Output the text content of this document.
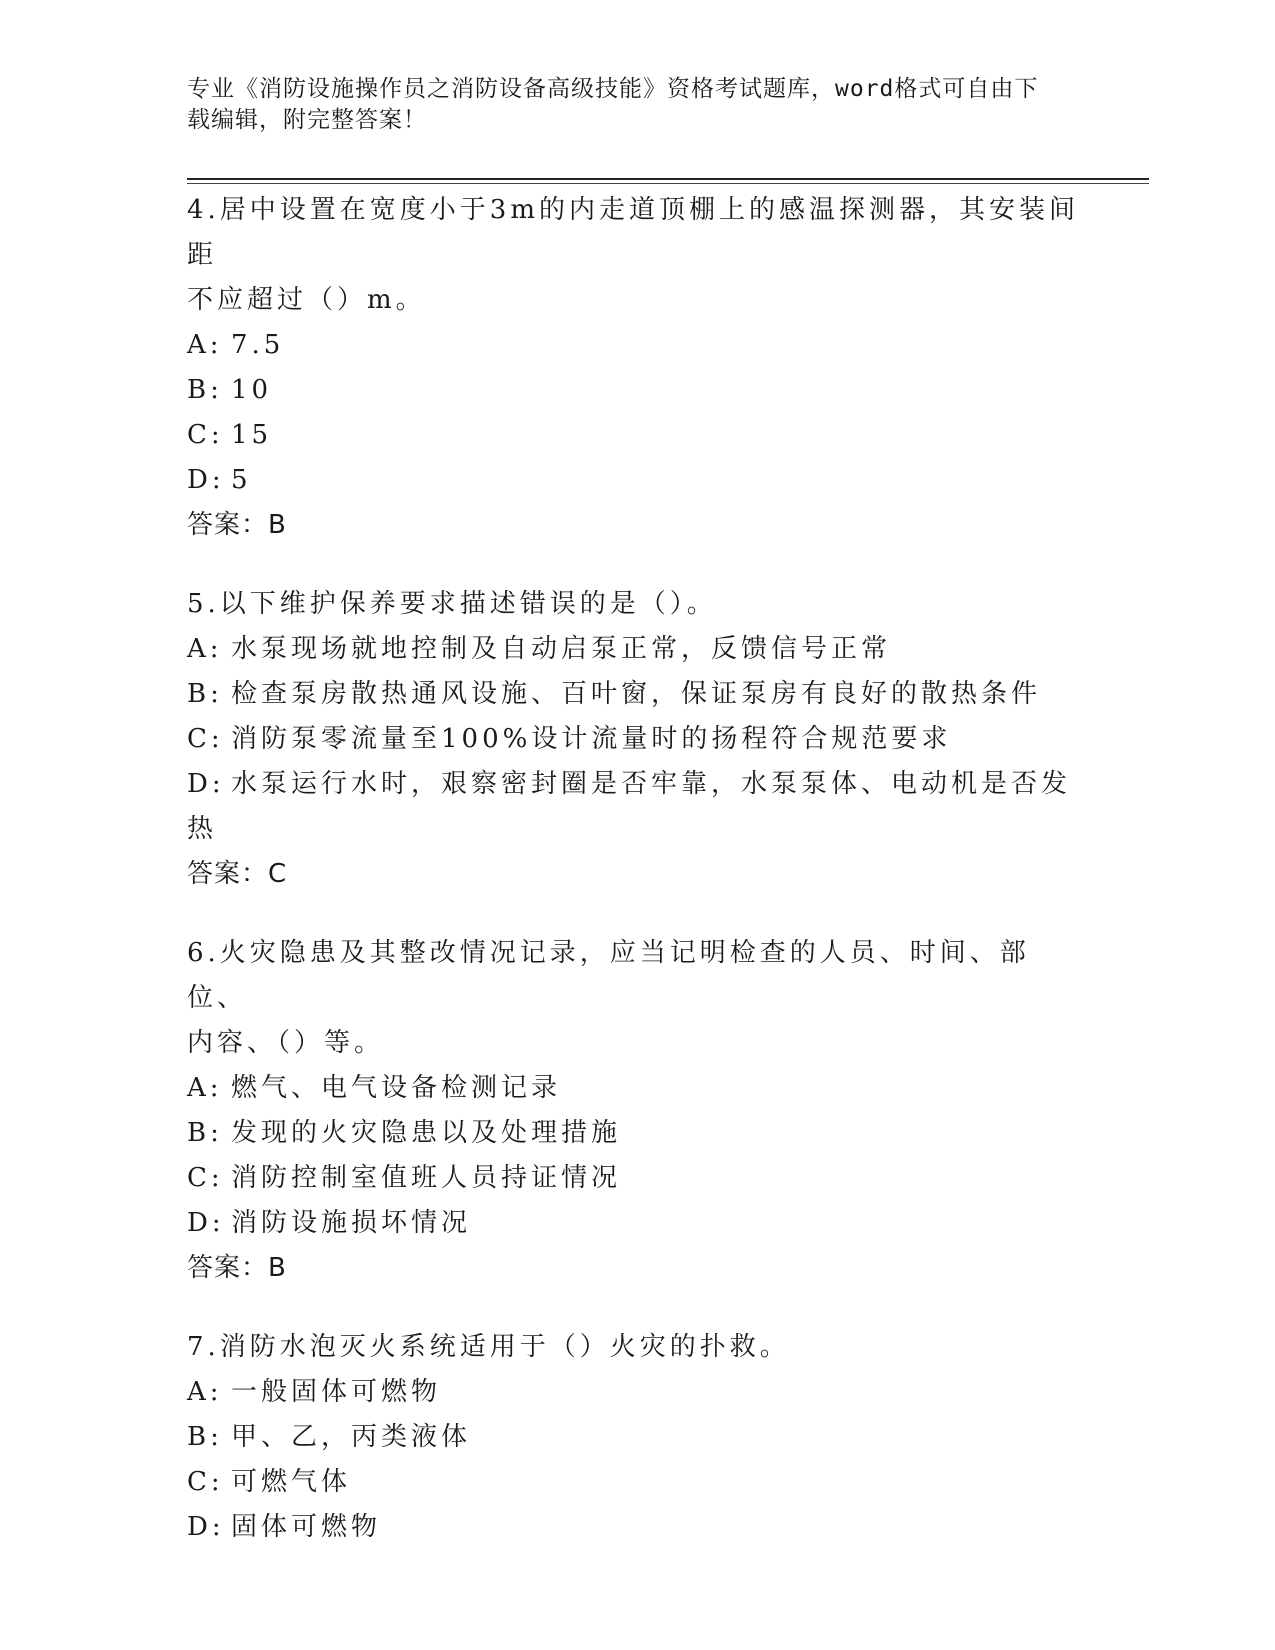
专业《消防设施操作员之消防设备高级技能》资格考试题库，word格式可自由下
载编辑，附完整答案！

4.居中设置在宽度小于3m的内走道顶棚上的感温探测器，其安装间距

不应超过（）m。

A: 7.5

B: 10

C: 15

D: 5

答案：B

5.以下维护保养要求描述错误的是（）。

A: 水泵现场就地控制及自动启泵正常，反馈信号正常

B: 检查泵房散热通风设施、百叶窗，保证泵房有良好的散热条件

C: 消防泵零流量至100%设计流量时的扬程符合规范要求

D: 水泵运行水时，艰察密封圈是否牢靠，水泵泵体、电动机是否发热

答案：C

6.火灾隐患及其整改情况记录，应当记明检查的人员、时间、部位、

内容、（）等。

A: 燃气、电气设备检测记录

B: 发现的火灾隐患以及处理措施

C: 消防控制室值班人员持证情况

D: 消防设施损坏情况

答案：B

7.消防水泡灭火系统适用于（）火灾的扑救。

A: 一般固体可燃物

B: 甲、乙，丙类液体

C: 可燃气体

D: 固体可燃物
